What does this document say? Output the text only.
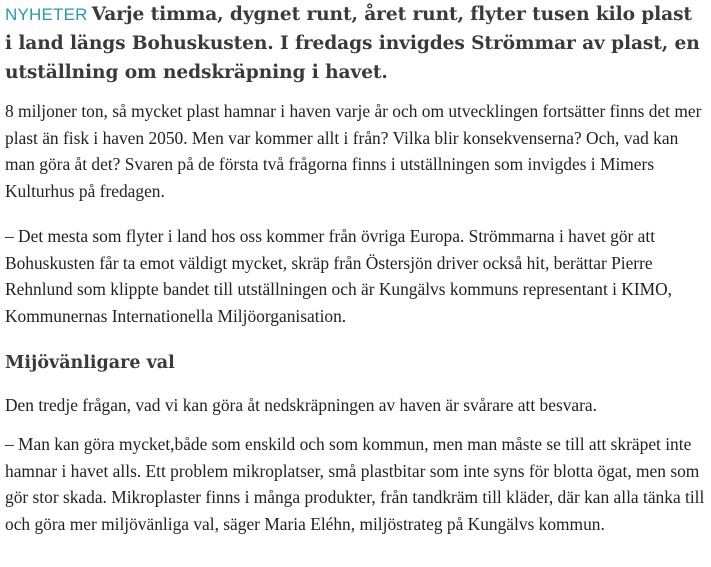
NYHETER Varje timma, dygnet runt, året runt, flyter tusen kilo plast i land längs Bohuskusten. I fredags invigdes Strömmar av plast, en utställning om nedskräpning i havet.

8 miljoner ton, så mycket plast hamnar i haven varje år och om utvecklingen fortsätter finns det mer plast än fisk i haven 2050. Men var kommer allt i från? Vilka blir konsekvenserna? Och, vad kan man göra åt det? Svaren på de första två frågorna finns i utställningen som invigdes i Mimers Kulturhus på fredagen.

– Det mesta som flyter i land hos oss kommer från övriga Europa. Strömmarna i havet gör att Bohuskusten får ta emot väldigt mycket, skräp från Östersjön driver också hit, berättar Pierre Rehnlund som klippte bandet till utställningen och är Kungälvs kommuns representant i KIMO, Kommunernas Internationella Miljöorganisation.

Mijövänligare val

Den tredje frågan, vad vi kan göra åt nedskräpningen av haven är svårare att besvara.

– Man kan göra mycket,både som enskild och som kommun, men man måste se till att skräpet inte hamnar i havet alls. Ett problem mikroplatser, små plastbitar som inte syns för blotta ögat, men som gör stor skada. Mikroplaster finns i många produkter, från tandkräm till kläder, där kan alla tänka till och göra mer miljövänliga val, säger Maria Eléhn, miljöstrateg på Kungälvs kommun.
